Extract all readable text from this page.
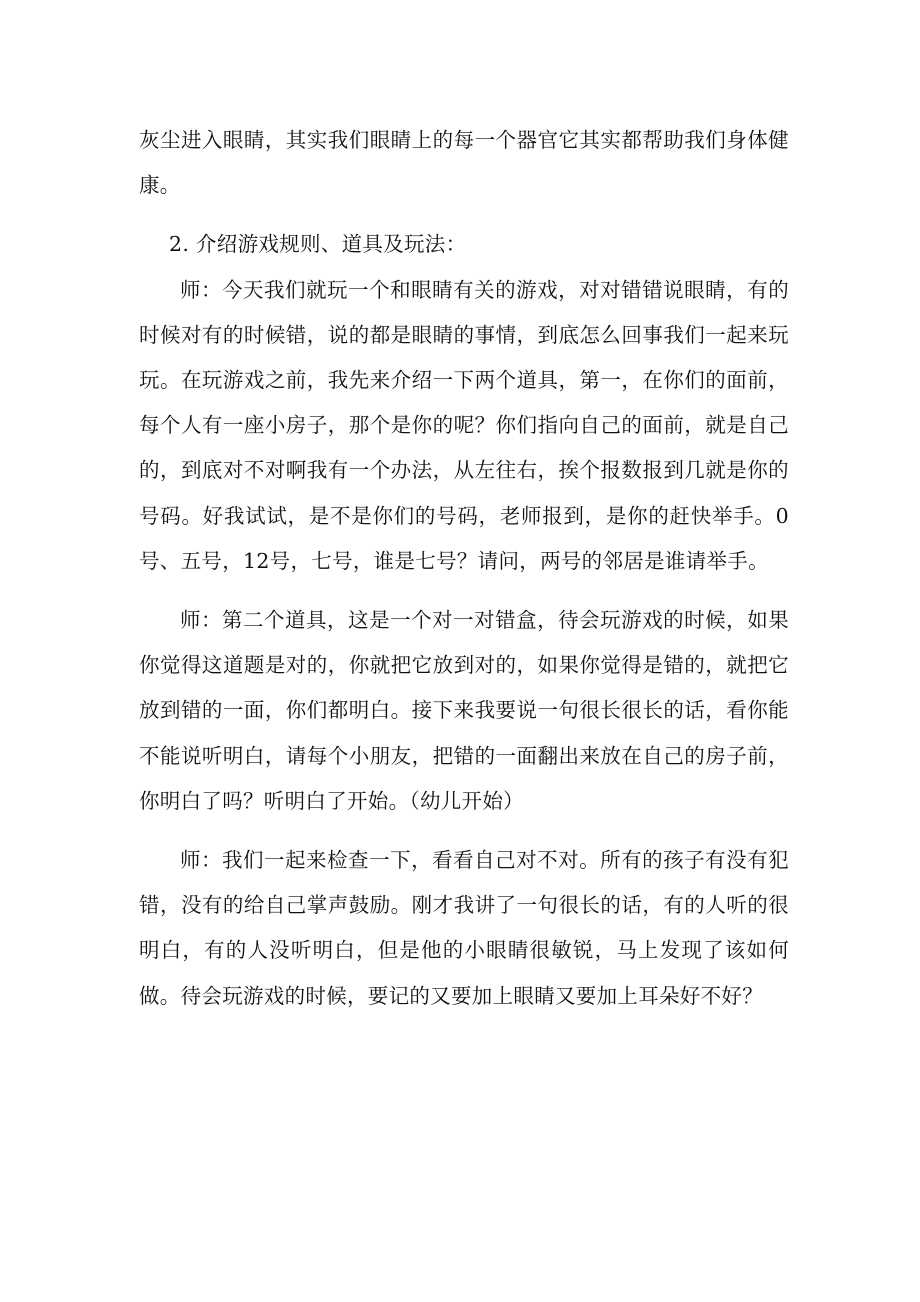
灰尘进入眼睛，其实我们眼睛上的每一个器官它其实都帮助我们身体健康。

2. 介绍游戏规则、道具及玩法：

师：今天我们就玩一个和眼睛有关的游戏，对对错错说眼睛，有的时候对有的时候错，说的都是眼睛的事情，到底怎么回事我们一起来玩玩。在玩游戏之前，我先来介绍一下两个道具，第一，在你们的面前，每个人有一座小房子，那个是你的呢？你们指向自己的面前，就是自己的，到底对不对啊我有一个办法，从左往右，挨个报数报到几就是你的号码。好我试试，是不是你们的号码，老师报到，是你的赶快举手。0号、五号，12号，七号，谁是七号？请问，两号的邻居是谁请举手。

师：第二个道具，这是一个对一对错盒，待会玩游戏的时候，如果你觉得这道题是对的，你就把它放到对的，如果你觉得是错的，就把它放到错的一面，你们都明白。接下来我要说一句很长很长的话，看你能不能说听明白，请每个小朋友，把错的一面翻出来放在自己的房子前，你明白了吗？听明白了开始。（幼儿开始）

师：我们一起来检查一下，看看自己对不对。所有的孩子有没有犯错，没有的给自己掌声鼓励。刚才我讲了一句很长的话，有的人听的很明白，有的人没听明白，但是他的小眼睛很敏锐，马上发现了该如何做。待会玩游戏的时候，要记的又要加上眼睛又要加上耳朵好不好？
